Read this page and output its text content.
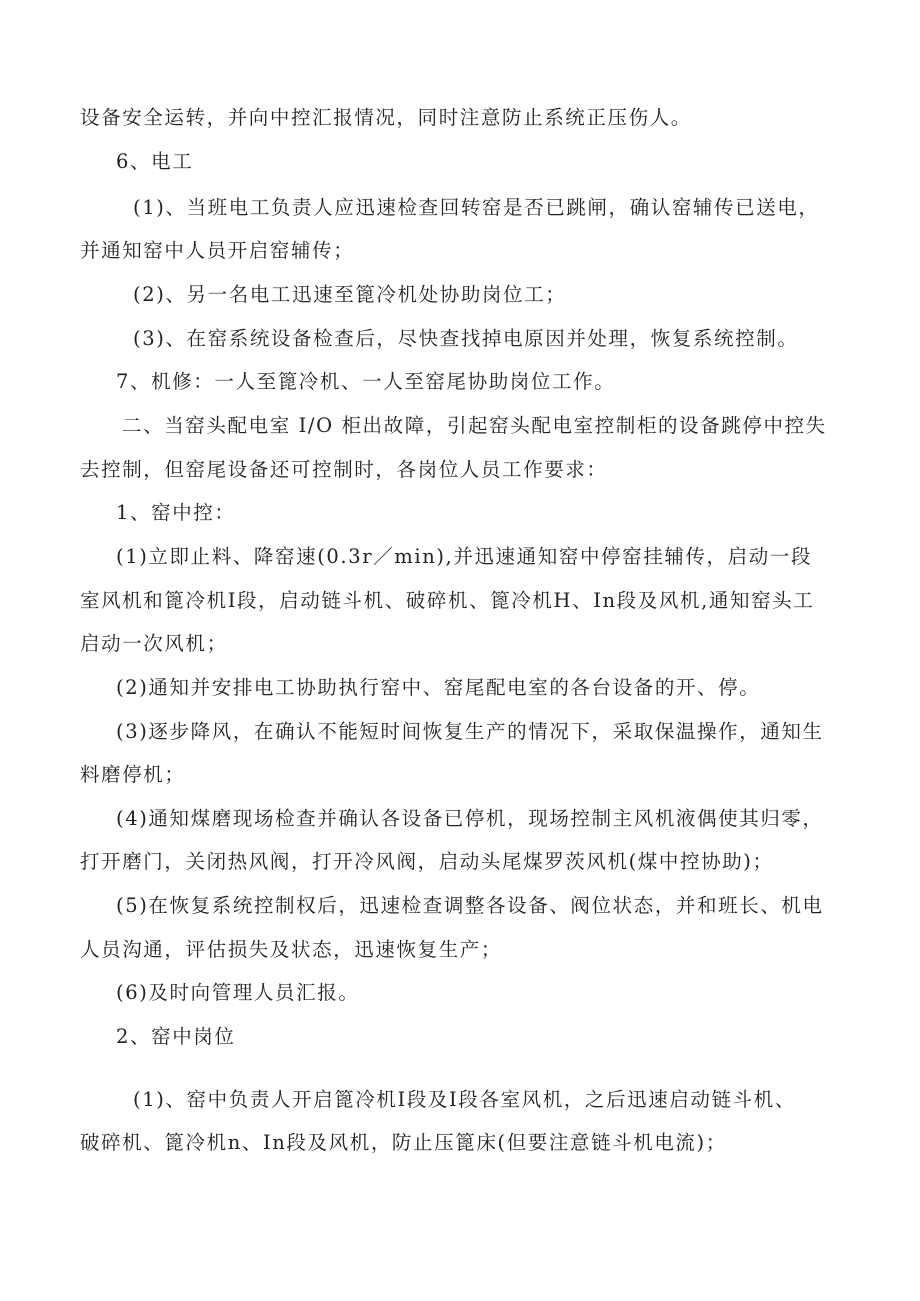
设备安全运转，并向中控汇报情况，同时注意防止系统正压伤人。

6、电工

(1)、当班电工负责人应迅速检查回转窑是否已跳闸，确认窑辅传已送电，

并通知窑中人员开启窑辅传；

(2)、另一名电工迅速至篦冷机处协助岗位工；

(3)、在窑系统设备检查后，尽快查找掉电原因并处理，恢复系统控制。

7、机修：一人至篦冷机、一人至窑尾协助岗位工作。

二、当窑头配电室 I/O 柜出故障，引起窑头配电室控制柜的设备跳停中控失

去控制，但窑尾设备还可控制时，各岗位人员工作要求：

1、窑中控：

(1)立即止料、降窑速(0.3r／min),并迅速通知窑中停窑挂辅传，启动一段

室风机和篦冷机Ⅰ段，启动链斗机、破碎机、篦冷机H、In段及风机,通知窑头工

启动一次风机；

(2)通知并安排电工协助执行窑中、窑尾配电室的各台设备的开、停。

(3)逐步降风，在确认不能短时间恢复生产的情况下，采取保温操作，通知生

料磨停机；

(4)通知煤磨现场检查并确认各设备已停机，现场控制主风机液偶使其归零，

打开磨门，关闭热风阀，打开冷风阀，启动头尾煤罗茨风机(煤中控协助)；

(5)在恢复系统控制权后，迅速检查调整各设备、阀位状态，并和班长、机电

人员沟通，评估损失及状态，迅速恢复生产；

(6)及时向管理人员汇报。

2、窑中岗位

(1)、窑中负责人开启篦冷机Ⅰ段及Ⅰ段各室风机，之后迅速启动链斗机、

破碎机、篦冷机n、In段及风机，防止压篦床(但要注意链斗机电流)；
